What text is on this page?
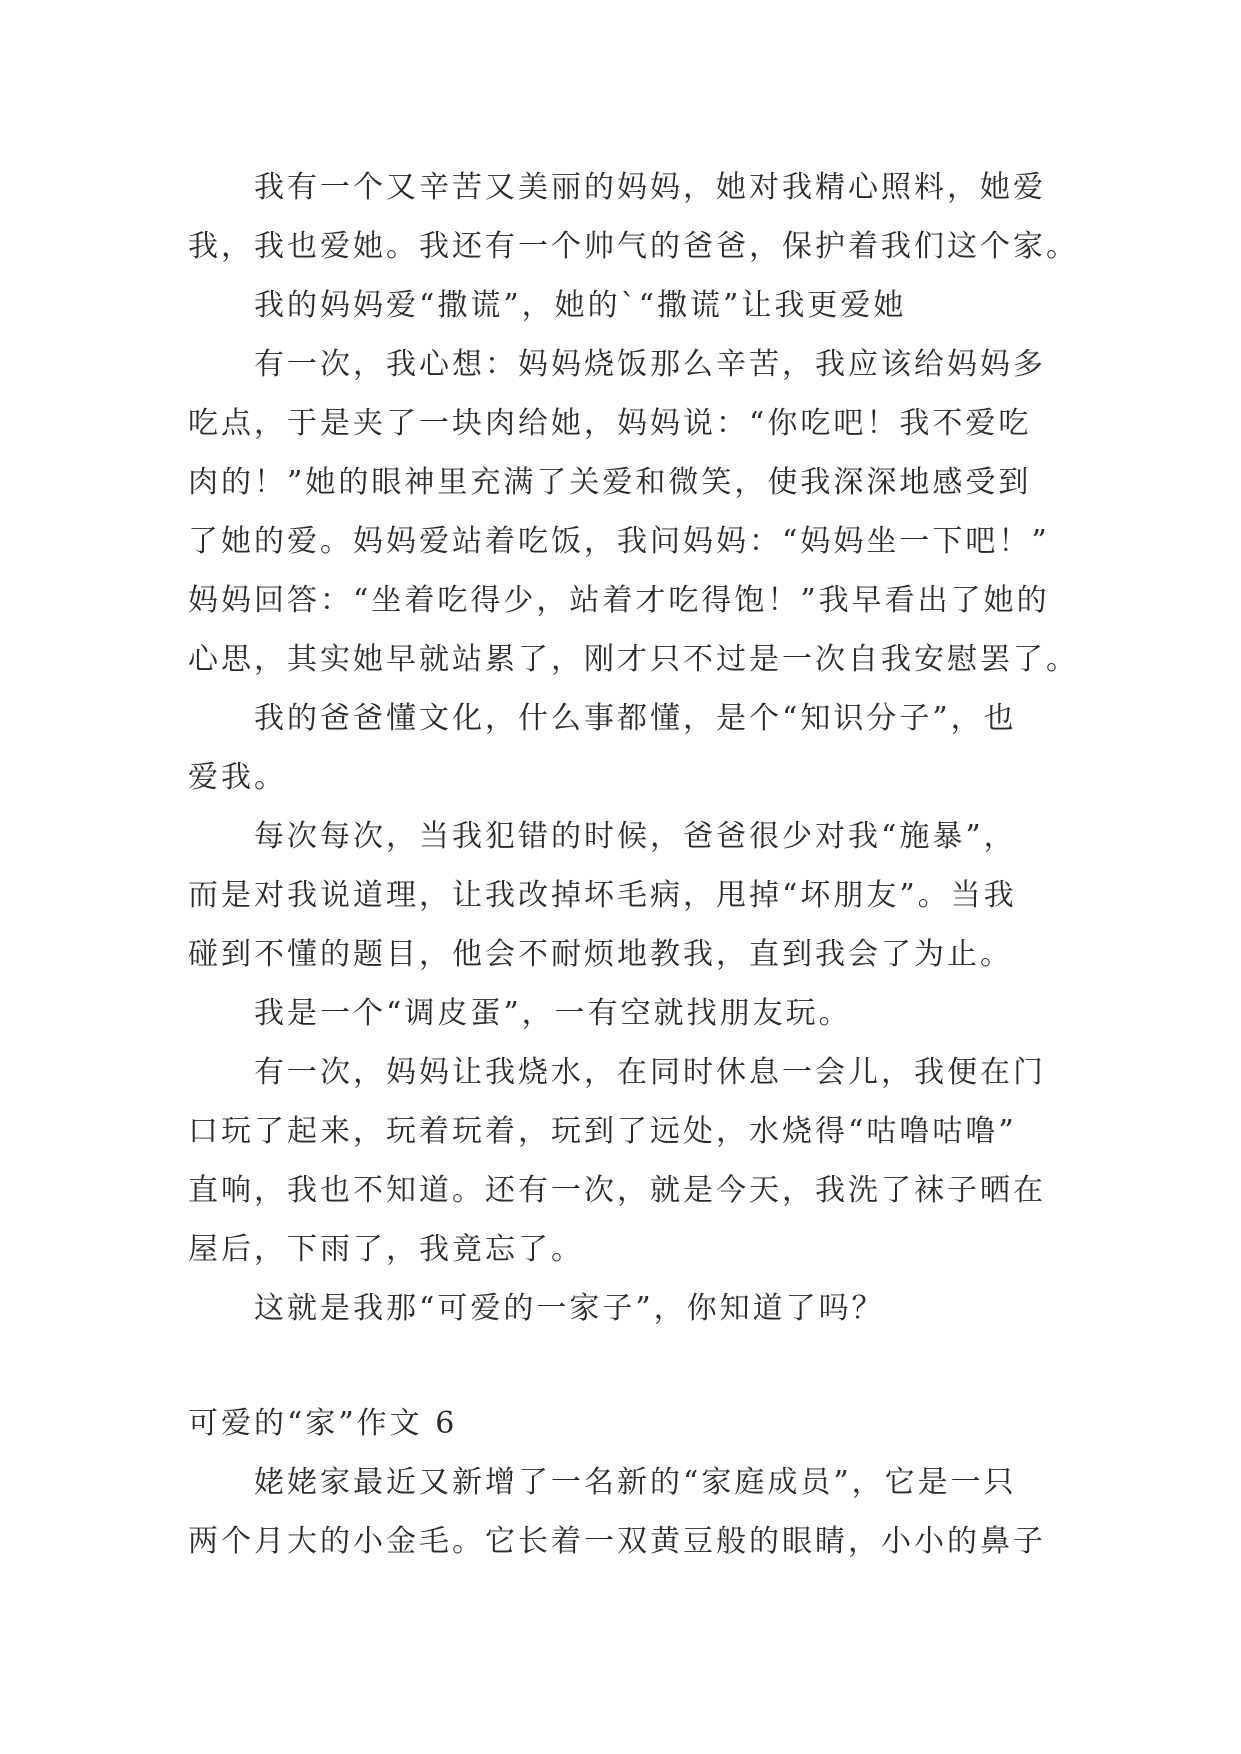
我有一个又辛苦又美丽的妈妈，她对我精心照料，她爱
我，我也爱她。我还有一个帅气的爸爸，保护着我们这个家。
我的妈妈爱“撒谎”，她的`“撒谎”让我更爱她
有一次，我心想：妈妈烧饭那么辛苦，我应该给妈妈多
吃点，于是夹了一块肉给她，妈妈说：“你吃吧！我不爱吃
肉的！”她的眼神里充满了关爱和微笑，使我深深地感受到
了她的爱。妈妈爱站着吃饭，我问妈妈：“妈妈坐一下吧！”
妈妈回答：“坐着吃得少，站着才吃得饱！”我早看出了她的
心思，其实她早就站累了，刚才只不过是一次自我安慰罢了。
我的爸爸懂文化，什么事都懂，是个“知识分子”，也
爱我。
每次每次，当我犯错的时候，爸爸很少对我“施暴”，
而是对我说道理，让我改掉坏毛病，甩掉“坏朋友”。当我
碰到不懂的题目，他会不耐烦地教我，直到我会了为止。
我是一个“调皮蛋”，一有空就找朋友玩。
有一次，妈妈让我烧水，在同时休息一会儿，我便在门
口玩了起来，玩着玩着，玩到了远处，水烧得“咕噜咕噜”
直响，我也不知道。还有一次，就是今天，我洗了袜子晒在
屋后，下雨了，我竟忘了。
这就是我那“可爱的一家子”，你知道了吗？
可爱的“家”作文 6
姥姥家最近又新增了一名新的“家庭成员”，它是一只
两个月大的小金毛。它长着一双黄豆般的眼睛，小小的鼻子
